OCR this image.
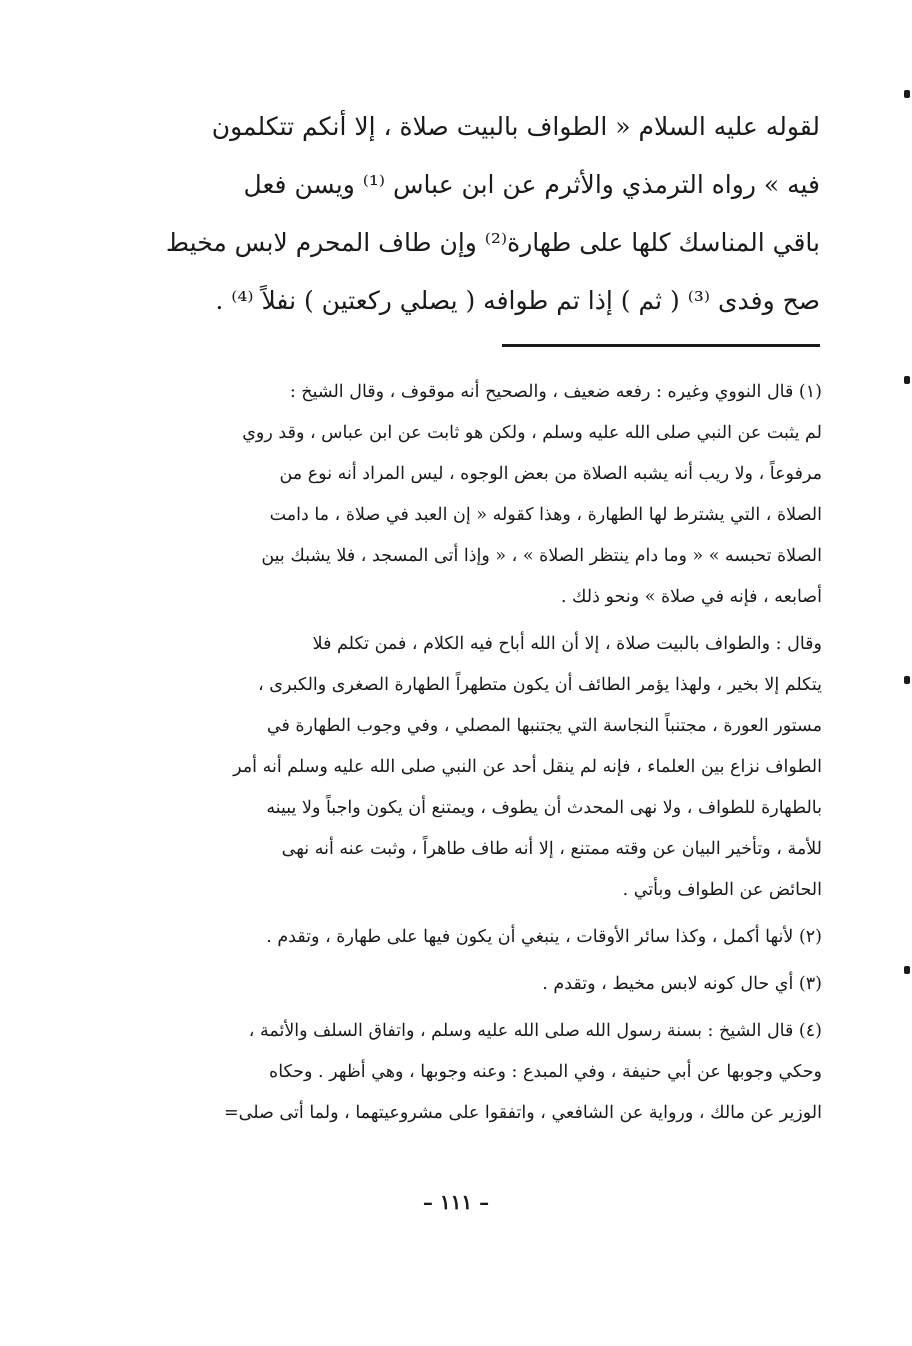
لقوله عليه السلام « الطواف بالبيت صلاة ، إلا أنكم تتكلمون
فيه » رواه الترمذي والأثرم عن ابن عباس ⁽¹⁾ ويسن فعل
باقي المناسك كلها على طهارة⁽²⁾ وإن طاف المحرم لابس مخيط
صح وفدى ⁽³⁾ ( ثم ) إذا تم طوافه ( يصلي ركعتين ) نفلاً ⁽⁴⁾ .
(١) قال النووي وغيره : رفعه ضعيف ، والصحيح أنه موقوف ، وقال الشيخ :
لم يثبت عن النبي صلى الله عليه وسلم ، ولكن هو ثابت عن ابن عباس ، وقد روي
مرفوعاً ، ولا ريب أنه يشبه الصلاة من بعض الوجوه ، ليس المراد أنه نوع من
الصلاة ، التي يشترط لها الطهارة ، وهذا كقوله « إن العبد في صلاة ، ما دامت
الصلاة تحبسه » « وما دام ينتظر الصلاة » ، « وإذا أتى المسجد ، فلا يشبك بين
أصابعه ، فإنه في صلاة » ونحو ذلك .
وقال : والطواف بالبيت صلاة ، إلا أن الله أباح فيه الكلام ، فمن تكلم فلا
يتكلم إلا بخير ، ولهذا يؤمر الطائف أن يكون متطهراً الطهارة الصغرى والكبرى ،
مستور العورة ، مجتنباً النجاسة التي يجتنبها المصلي ، وفي وجوب الطهارة في
الطواف نزاع بين العلماء ، فإنه لم ينقل أحد عن النبي صلى الله عليه وسلم أنه أمر
بالطهارة للطواف ، ولا نهى المحدث أن يطوف ، ويمتنع أن يكون واجباً ولا يبينه
للأمة ، وتأخير البيان عن وقته ممتنع ، إلا أنه طاف طاهراً ، وثبت عنه أنه نهى
الحائض عن الطواف وبأتي .
(٢) لأنها أكمل ، وكذا سائر الأوقات ، ينبغي أن يكون فيها على طهارة ، وتقدم .
(٣) أي حال كونه لابس مخيط ، وتقدم .
(٤) قال الشيخ : بسنة رسول الله صلى الله عليه وسلم ، واتفاق السلف والأئمة ،
وحكي وجوبها عن أبي حنيفة ، وفي المبدع : وعنه وجوبها ، وهي أظهر . وحكاه
الوزير عن مالك ، ورواية عن الشافعي ، واتفقوا على مشروعيتهما ، ولما أتى صلى=
– ١١١ –
